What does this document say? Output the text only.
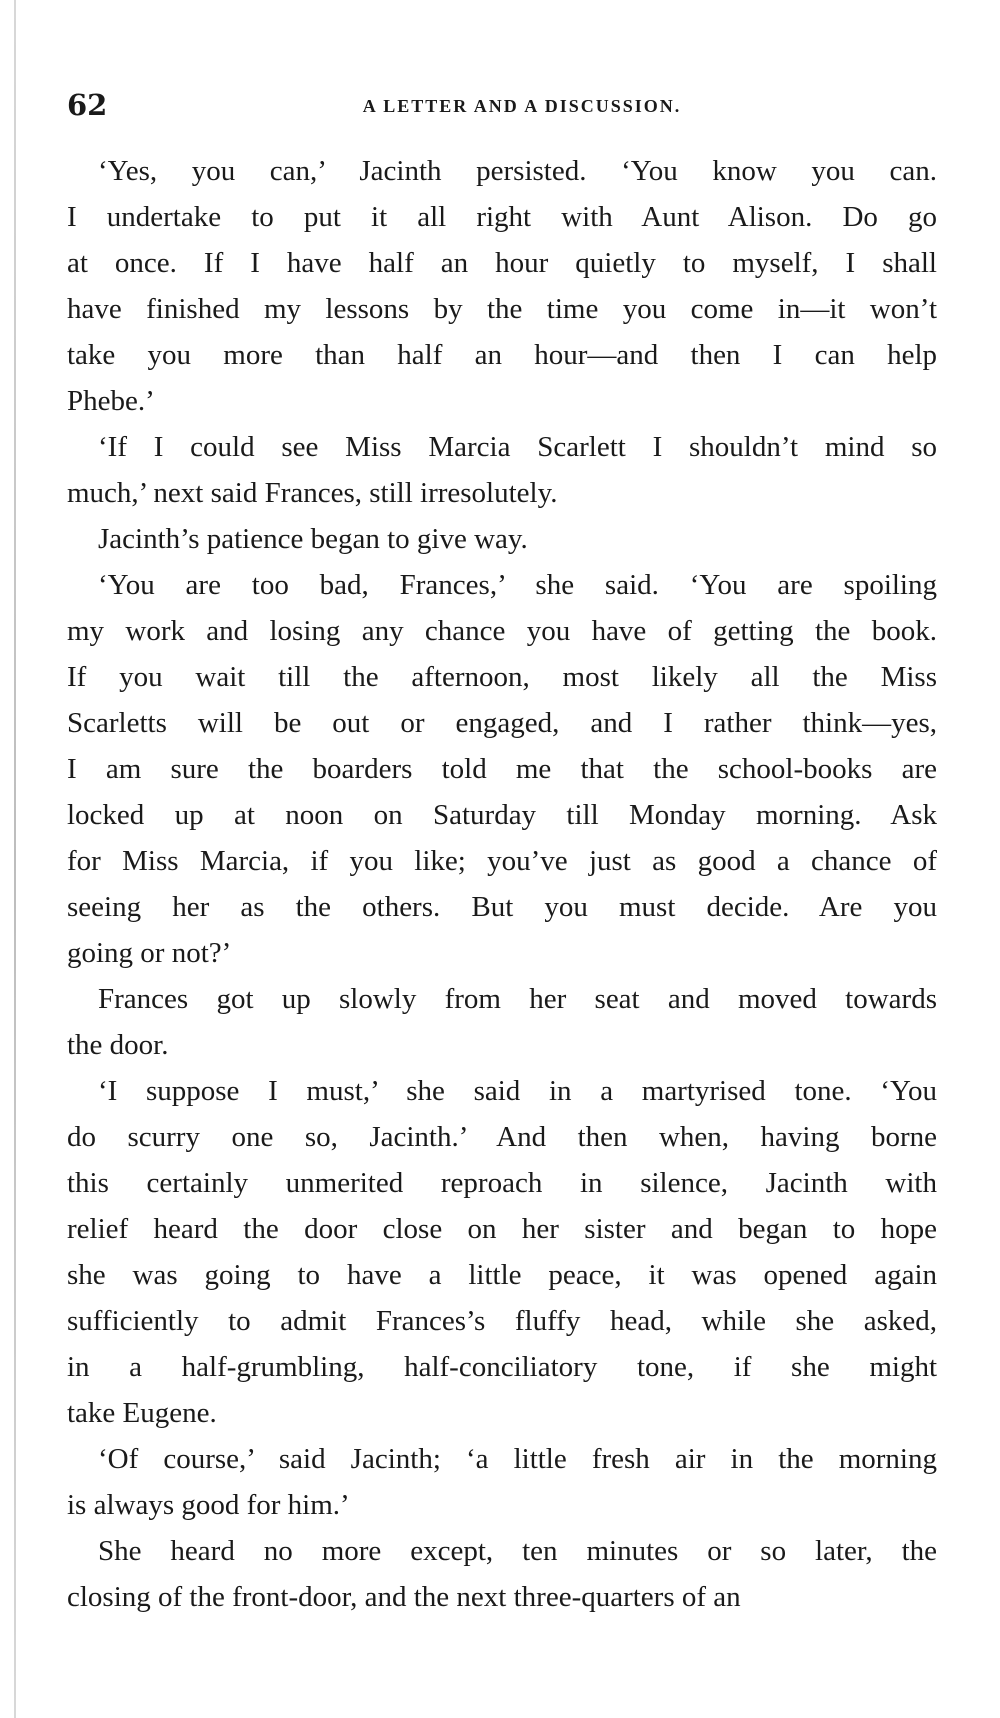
62	A LETTER AND A DISCUSSION.
‘Yes, you can,’ Jacinth persisted. ‘You know you can.
I undertake to put it all right with Aunt Alison. Do go
at once. If I have half an hour quietly to myself, I shall
have finished my lessons by the time you come in—it won’t
take you more than half an hour—and then I can help
Phebe.’
‘If I could see Miss Marcia Scarlett I shouldn’t mind so
much,’ next said Frances, still irresolutely.
Jacinth’s patience began to give way.
‘You are too bad, Frances,’ she said. ‘You are spoiling
my work and losing any chance you have of getting the book.
If you wait till the afternoon, most likely all the Miss
Scarletts will be out or engaged, and I rather think—yes,
I am sure the boarders told me that the school-books are
locked up at noon on Saturday till Monday morning. Ask
for Miss Marcia, if you like; you’ve just as good a chance of
seeing her as the others. But you must decide. Are you
going or not?’
Frances got up slowly from her seat and moved towards
the door.
‘I suppose I must,’ she said in a martyrised tone. ‘You
do scurry one so, Jacinth.’ And then when, having borne
this certainly unmerited reproach in silence, Jacinth with
relief heard the door close on her sister and began to hope
she was going to have a little peace, it was opened again
sufficiently to admit Frances’s fluffy head, while she asked,
in a half-grumbling, half-conciliatory tone, if she might
take Eugene.
‘Of course,’ said Jacinth; ‘a little fresh air in the morning
is always good for him.’
She heard no more except, ten minutes or so later, the
closing of the front-door, and the next three-quarters of an
